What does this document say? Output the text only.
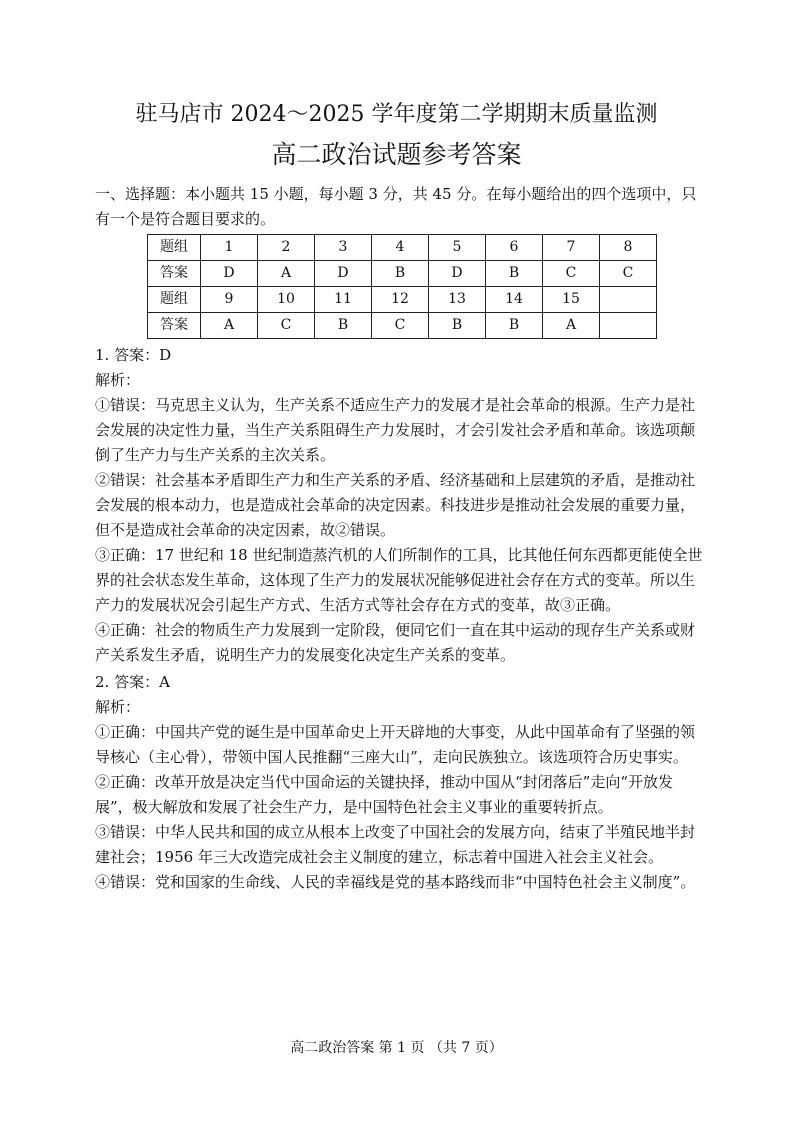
驻马店市 2024～2025 学年度第二学期期末质量监测
高二政治试题参考答案

一、选择题：本小题共 15 小题，每小题 3 分，共 45 分。在每小题给出的四个选项中，只有一个是符合题目要求的。

题组	1	2	3	4	5	6	7	8
答案	D	A	D	B	D	B	C	C
题组	9	10	11	12	13	14	15	
答案	A	C	B	C	B	B	A	

1. 答案：D

解析：

①错误：马克思主义认为，生产关系不适应生产力的发展才是社会革命的根源。生产力是社会发展的决定性力量，当生产关系阻碍生产力发展时，才会引发社会矛盾和革命。该选项颠倒了生产力与生产关系的主次关系。

②错误：社会基本矛盾即生产力和生产关系的矛盾、经济基础和上层建筑的矛盾，是推动社会发展的根本动力，也是造成社会革命的决定因素。科技进步是推动社会发展的重要力量，但不是造成社会革命的决定因素，故②错误。

③正确：17 世纪和 18 世纪制造蒸汽机的人们所制作的工具，比其他任何东西都更能使全世界的社会状态发生革命，这体现了生产力的发展状况能够促进社会存在方式的变革。所以生产力的发展状况会引起生产方式、生活方式等社会存在方式的变革，故③正确。

④正确：社会的物质生产力发展到一定阶段，便同它们一直在其中运动的现存生产关系或财产关系发生矛盾，说明生产力的发展变化决定生产关系的变革。

2. 答案：A

解析：

①正确：中国共产党的诞生是中国革命史上开天辟地的大事变，从此中国革命有了坚强的领导核心（主心骨），带领中国人民推翻“三座大山”，走向民族独立。该选项符合历史事实。

②正确：改革开放是决定当代中国命运的关键抉择，推动中国从“封闭落后”走向“开放发展”，极大解放和发展了社会生产力，是中国特色社会主义事业的重要转折点。

③错误：中华人民共和国的成立从根本上改变了中国社会的发展方向，结束了半殖民地半封建社会；1956 年三大改造完成社会主义制度的建立，标志着中国进入社会主义社会。

④错误：党和国家的生命线、人民的幸福线是党的基本路线而非“中国特色社会主义制度”。

高二政治答案 第 1 页 （共 7 页）
